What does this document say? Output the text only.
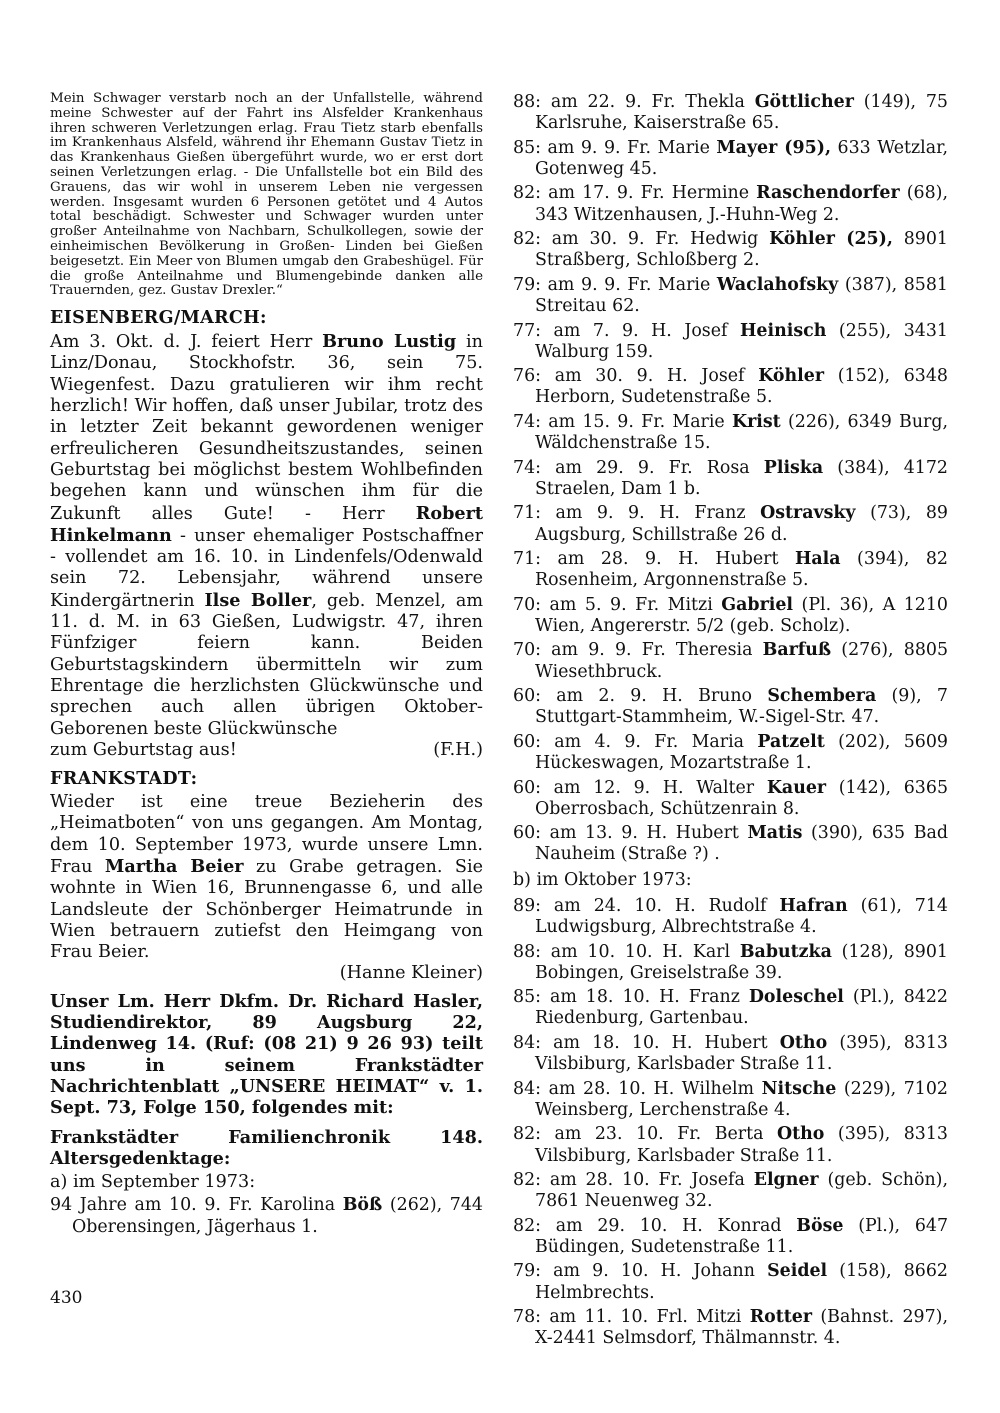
Mein Schwager verstarb noch an der Unfallstelle, während meine Schwester auf der Fahrt ins Alsfelder Krankenhaus ihren schweren Verletzungen erlag. Frau Tietz starb ebenfalls im Krankenhaus Alsfeld, während ihr Ehemann Gustav Tietz in das Krankenhaus Gießen übergeführt wurde, wo er erst dort seinen Verletzungen erlag. - Die Unfallstelle bot ein Bild des Grauens, das wir wohl in unserem Leben nie vergessen werden. Insgesamt wurden 6 Personen getötet und 4 Autos total beschädigt. Schwester und Schwager wurden unter großer Anteilnahme von Nachbarn, Schulkollegen, sowie der einheimischen Bevölkerung in Großen- Linden bei Gießen beigesetzt. Ein Meer von Blumen umgab den Grabeshügel. Für die große Anteilnahme und Blumengebinde danken alle Trauernden, gez. Gustav Drexler.“

EISENBERG/MARCH:

Am 3. Okt. d. J. feiert Herr Bruno Lustig in Linz/Donau, Stockhofstr. 36, sein 75. Wiegenfest. Dazu gratulieren wir ihm recht herzlich! Wir hoffen, daß unser Jubilar, trotz des in letzter Zeit bekannt gewordenen weniger erfreulicheren Gesundheitszustandes, seinen Geburtstag bei möglichst bestem Wohlbefinden begehen kann und wünschen ihm für die Zukunft alles Gute! - Herr Robert Hinkelmann - unser ehemaliger Postschaffner - vollendet am 16. 10. in Lindenfels/Odenwald sein 72. Lebensjahr, während unsere Kindergärtnerin Ilse Boller, geb. Menzel, am 11. d. M. in 63 Gießen, Ludwigstr. 47, ihren Fünfziger feiern kann. Beiden Geburtstagskindern übermitteln wir zum Ehrentage die herzlichsten Glückwünsche und sprechen auch allen übrigen Oktober-Geborenen beste Glückwünsche

zum Geburtstag aus!	(F.H.)
FRANKSTADT:

Wieder ist eine treue Bezieherin des „Heimatboten“ von uns gegangen. Am Montag, dem 10. September 1973, wurde unsere Lmn. Frau Martha Beier zu Grabe getragen. Sie wohnte in Wien 16, Brunnengasse 6, und alle Landsleute der Schönberger Heimatrunde in Wien betrauern zutiefst den Heimgang von Frau Beier.

(Hanne Kleiner)

Unser Lm. Herr Dkfm. Dr. Richard Hasler, Studiendirektor, 89 Augsburg 22, Lindenweg 14. (Ruf: (08 21) 9 26 93) teilt uns in seinem Frankstädter Nachrichtenblatt „UNSERE HEIMAT“ v. 1. Sept. 73, Folge 150, folgendes mit:

Frankstädter Familienchronik 148. Altersgedenktage:

a) im September 1973:

94 Jahre am 10. 9. Fr. Karolina Böß (262), 744 Oberensingen, Jägerhaus 1.

88: am 22. 9. Fr. Thekla Göttlicher (149), 75 Karlsruhe, Kaiserstraße 65.

85: am 9. 9. Fr. Marie Mayer (95), 633 Wetzlar, Gotenweg 45.

82: am 17. 9. Fr. Hermine Raschendorfer (68), 343 Witzenhausen, J.-Huhn-Weg 2.

82: am 30. 9. Fr. Hedwig Köhler (25), 8901 Straßberg, Schloßberg 2.

79: am 9. 9. Fr. Marie Waclahofsky (387), 8581 Streitau 62.

77: am 7. 9. H. Josef Heinisch (255), 3431 Walburg 159.

76: am 30. 9. H. Josef Köhler (152), 6348 Herborn, Sudetenstraße 5.

74: am 15. 9. Fr. Marie Krist (226), 6349 Burg, Wäldchenstraße 15.

74: am 29. 9. Fr. Rosa Pliska (384), 4172 Straelen, Dam 1 b.

71: am 9. 9. H. Franz Ostravsky (73), 89 Augsburg, Schillstraße 26 d.

71: am 28. 9. H. Hubert Hala (394), 82 Rosenheim, Argonnenstraße 5.

70: am 5. 9. Fr. Mitzi Gabriel (Pl. 36), A 1210 Wien, Angererstr. 5/2 (geb. Scholz).

70: am 9. 9. Fr. Theresia Barfuß (276), 8805 Wiesethbruck.

60: am 2. 9. H. Bruno Schembera (9), 7 Stuttgart-Stammheim, W.-Sigel-Str. 47.

60: am 4. 9. Fr. Maria Patzelt (202), 5609 Hückeswagen, Mozartstraße 1.

60: am 12. 9. H. Walter Kauer (142), 6365 Oberrosbach, Schützenrain 8.

60: am 13. 9. H. Hubert Matis (390), 635 Bad Nauheim (Straße ?) .

b) im Oktober 1973:

89: am 24. 10. H. Rudolf Hafran (61), 714 Ludwigsburg, Albrechtstraße 4.

88: am 10. 10. H. Karl Babutzka (128), 8901 Bobingen, Greiselstraße 39.

85: am 18. 10. H. Franz Doleschel (Pl.), 8422 Riedenburg, Gartenbau.

84: am 18. 10. H. Hubert Otho (395), 8313 Vilsbiburg, Karlsbader Straße 11.

84: am 28. 10. H. Wilhelm Nitsche (229), 7102 Weinsberg, Lerchenstraße 4.

82: am 23. 10. Fr. Berta Otho (395), 8313 Vilsbiburg, Karlsbader Straße 11.

82: am 28. 10. Fr. Josefa Elgner (geb. Schön), 7861 Neuenweg 32.

82: am 29. 10. H. Konrad Böse (Pl.), 647 Büdingen, Sudetenstraße 11.

79: am 9. 10. H. Johann Seidel (158), 8662 Helmbrechts.

78: am 11. 10. Frl. Mitzi Rotter (Bahnst. 297), X-2441 Selmsdorf, Thälmannstr. 4.

430
